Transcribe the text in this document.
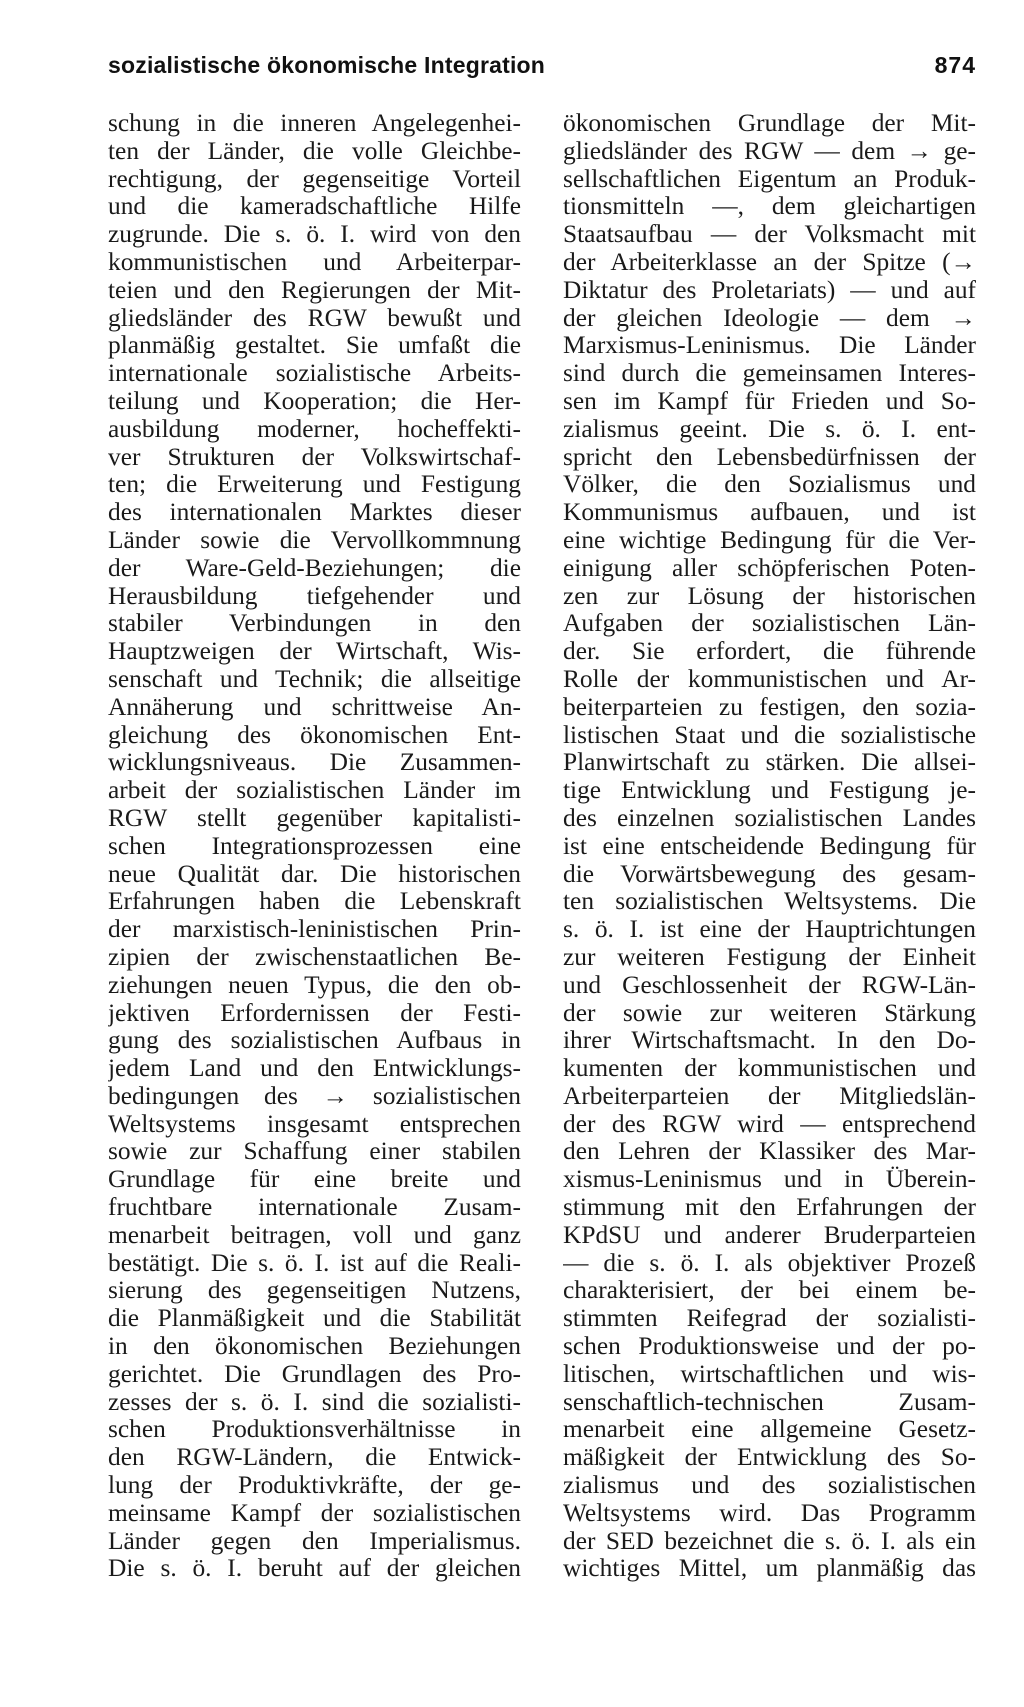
sozialistische ökonomische Integration	874
schung in die inneren Angelegenhei-
ten der Länder, die volle Gleichbe-
rechtigung, der gegenseitige Vorteil
und die kameradschaftliche Hilfe
zugrunde. Die s. ö. I. wird von den
kommunistischen und Arbeiterpar-
teien und den Regierungen der Mit-
gliedsländer des RGW bewußt und
planmäßig gestaltet. Sie umfaßt die
internationale sozialistische Arbeits-
teilung und Kooperation; die Her-
ausbildung moderner, hocheffekti-
ver Strukturen der Volkswirtschaf-
ten; die Erweiterung und Festigung
des internationalen Marktes dieser
Länder sowie die Vervollkommnung
der Ware-Geld-Beziehungen; die
Herausbildung tiefgehender und
stabiler Verbindungen in den
Hauptzweigen der Wirtschaft, Wis-
senschaft und Technik; die allseitige
Annäherung und schrittweise An-
gleichung des ökonomischen Ent-
wicklungsniveaus. Die Zusammen-
arbeit der sozialistischen Länder im
RGW stellt gegenüber kapitalisti-
schen Integrationsprozessen eine
neue Qualität dar. Die historischen
Erfahrungen haben die Lebenskraft
der marxistisch-leninistischen Prin-
zipien der zwischenstaatlichen Be-
ziehungen neuen Typus, die den ob-
jektiven Erfordernissen der Festi-
gung des sozialistischen Aufbaus in
jedem Land und den Entwicklungs-
bedingungen des → sozialistischen
Weltsystems insgesamt entsprechen
sowie zur Schaffung einer stabilen
Grundlage für eine breite und
fruchtbare internationale Zusam-
menarbeit beitragen, voll und ganz
bestätigt. Die s. ö. I. ist auf die Reali-
sierung des gegenseitigen Nutzens,
die Planmäßigkeit und die Stabilität
in den ökonomischen Beziehungen
gerichtet. Die Grundlagen des Pro-
zesses der s. ö. I. sind die sozialisti-
schen Produktionsverhältnisse in
den RGW-Ländern, die Entwick-
lung der Produktivkräfte, der ge-
meinsame Kampf der sozialistischen
Länder gegen den Imperialismus.
Die s. ö. I. beruht auf der gleichen
ökonomischen Grundlage der Mit-
gliedsländer des RGW — dem → ge-
sellschaftlichen Eigentum an Produk-
tionsmitteln —, dem gleichartigen
Staatsaufbau — der Volksmacht mit
der Arbeiterklasse an der Spitze (→
Diktatur des Proletariats) — und auf
der gleichen Ideologie — dem →
Marxismus-Leninismus. Die Länder
sind durch die gemeinsamen Interes-
sen im Kampf für Frieden und So-
zialismus geeint. Die s. ö. I. ent-
spricht den Lebensbedürfnissen der
Völker, die den Sozialismus und
Kommunismus aufbauen, und ist
eine wichtige Bedingung für die Ver-
einigung aller schöpferischen Poten-
zen zur Lösung der historischen
Aufgaben der sozialistischen Län-
der. Sie erfordert, die führende
Rolle der kommunistischen und Ar-
beiterparteien zu festigen, den sozia-
listischen Staat und die sozialistische
Planwirtschaft zu stärken. Die allsei-
tige Entwicklung und Festigung je-
des einzelnen sozialistischen Landes
ist eine entscheidende Bedingung für
die Vorwärtsbewegung des gesam-
ten sozialistischen Weltsystems. Die
s. ö. I. ist eine der Hauptrichtungen
zur weiteren Festigung der Einheit
und Geschlossenheit der RGW-Län-
der sowie zur weiteren Stärkung
ihrer Wirtschaftsmacht. In den Do-
kumenten der kommunistischen und
Arbeiterparteien der Mitgliedslän-
der des RGW wird — entsprechend
den Lehren der Klassiker des Mar-
xismus-Leninismus und in Überein-
stimmung mit den Erfahrungen der
KPdSU und anderer Bruderparteien
— die s. ö. I. als objektiver Prozeß
charakterisiert, der bei einem be-
stimmten Reifegrad der sozialisti-
schen Produktionsweise und der po-
litischen, wirtschaftlichen und wis-
senschaftlich-technischen Zusam-
menarbeit eine allgemeine Gesetz-
mäßigkeit der Entwicklung des So-
zialismus und des sozialistischen
Weltsystems wird. Das Programm
der SED bezeichnet die s. ö. I. als ein
wichtiges Mittel, um planmäßig das
